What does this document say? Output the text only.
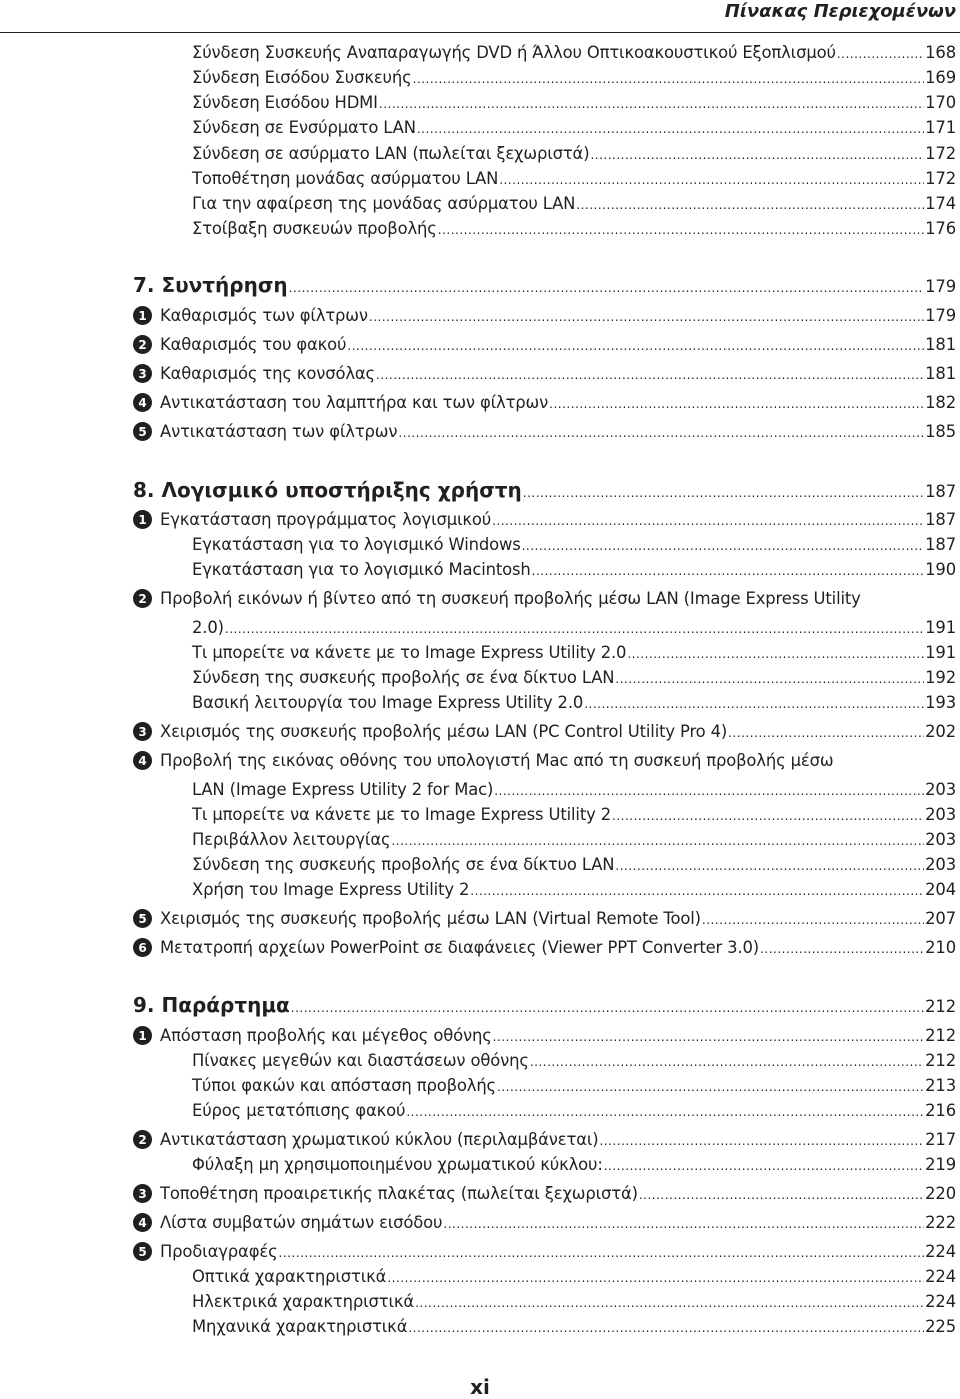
Πίνακας Περιεχομένων
Σύνδεση Συσκευής Αναπαραγωγής DVD ή Άλλου Οπτικοακουστικού Εξοπλισμού .....	168
Σύνδεση Εισόδου Συσκευής .....	169
Σύνδεση Εισόδου HDMI .....	170
Σύνδεση σε Ενσύρματο LAN .....	171
Σύνδεση σε ασύρματο LAN (πωλείται ξεχωριστά) .....	172
Τοποθέτηση μονάδας ασύρματου LAN .....	172
Για την αφαίρεση της μονάδας ασύρματου LAN .....	174
Στοίβαξη συσκευών προβολής .....	176
7. Συντήρηση .....	179
1 Καθαρισμός των φίλτρων .....	179
2 Καθαρισμός του φακού .....	181
3 Καθαρισμός της κονσόλας .....	181
4 Αντικατάσταση του λαμπτήρα και των φίλτρων .....	182
5 Αντικατάσταση των φίλτρων .....	185
8. Λογισμικό υποστήριξης χρήστη .....	187
1 Εγκατάσταση προγράμματος λογισμικού .....	187
Εγκατάσταση για το λογισμικό Windows .....	187
Εγκατάσταση για το λογισμικό Macintosh .....	190
2 Προβολή εικόνων ή βίντεο από τη συσκευή προβολής μέσω LAN (Image Express Utility
2.0) .....	191
Τι μπορείτε να κάνετε με το Image Express Utility 2.0 .....	191
Σύνδεση της συσκευής προβολής σε ένα δίκτυο LAN .....	192
Βασική λειτουργία του Image Express Utility 2.0 .....	193
3 Χειρισμός της συσκευής προβολής μέσω LAN (PC Control Utility Pro 4) .....	202
4 Προβολή της εικόνας οθόνης του υπολογιστή Mac από τη συσκευή προβολής μέσω
LAN (Image Express Utility 2 for Mac) .....	203
Τι μπορείτε να κάνετε με το Image Express Utility 2 .....	203
Περιβάλλον λειτουργίας .....	203
Σύνδεση της συσκευής προβολής σε ένα δίκτυο LAN .....	203
Χρήση του Image Express Utility 2 .....	204
5 Χειρισμός της συσκευής προβολής μέσω LAN (Virtual Remote Tool) .....	207
6 Μετατροπή αρχείων PowerPoint σε διαφάνειες (Viewer PPT Converter 3.0) .....	210
9. Παράρτημα .....	212
1 Απόσταση προβολής και μέγεθος οθόνης .....	212
Πίνακες μεγεθών και διαστάσεων οθόνης .....	212
Τύποι φακών και απόσταση προβολής .....	213
Εύρος μετατόπισης φακού .....	216
2 Αντικατάσταση χρωματικού κύκλου (περιλαμβάνεται) .....	217
Φύλαξη μη χρησιμοποιημένου χρωματικού κύκλου: .....	219
3 Τοποθέτηση προαιρετικής πλακέτας (πωλείται ξεχωριστά) .....	220
4 Λίστα συμβατών σημάτων εισόδου .....	222
5 Προδιαγραφές .....	224
Οπτικά χαρακτηριστικά .....	224
Ηλεκτρικά χαρακτηριστικά .....	224
Μηχανικά χαρακτηριστικά .....	225
xi
